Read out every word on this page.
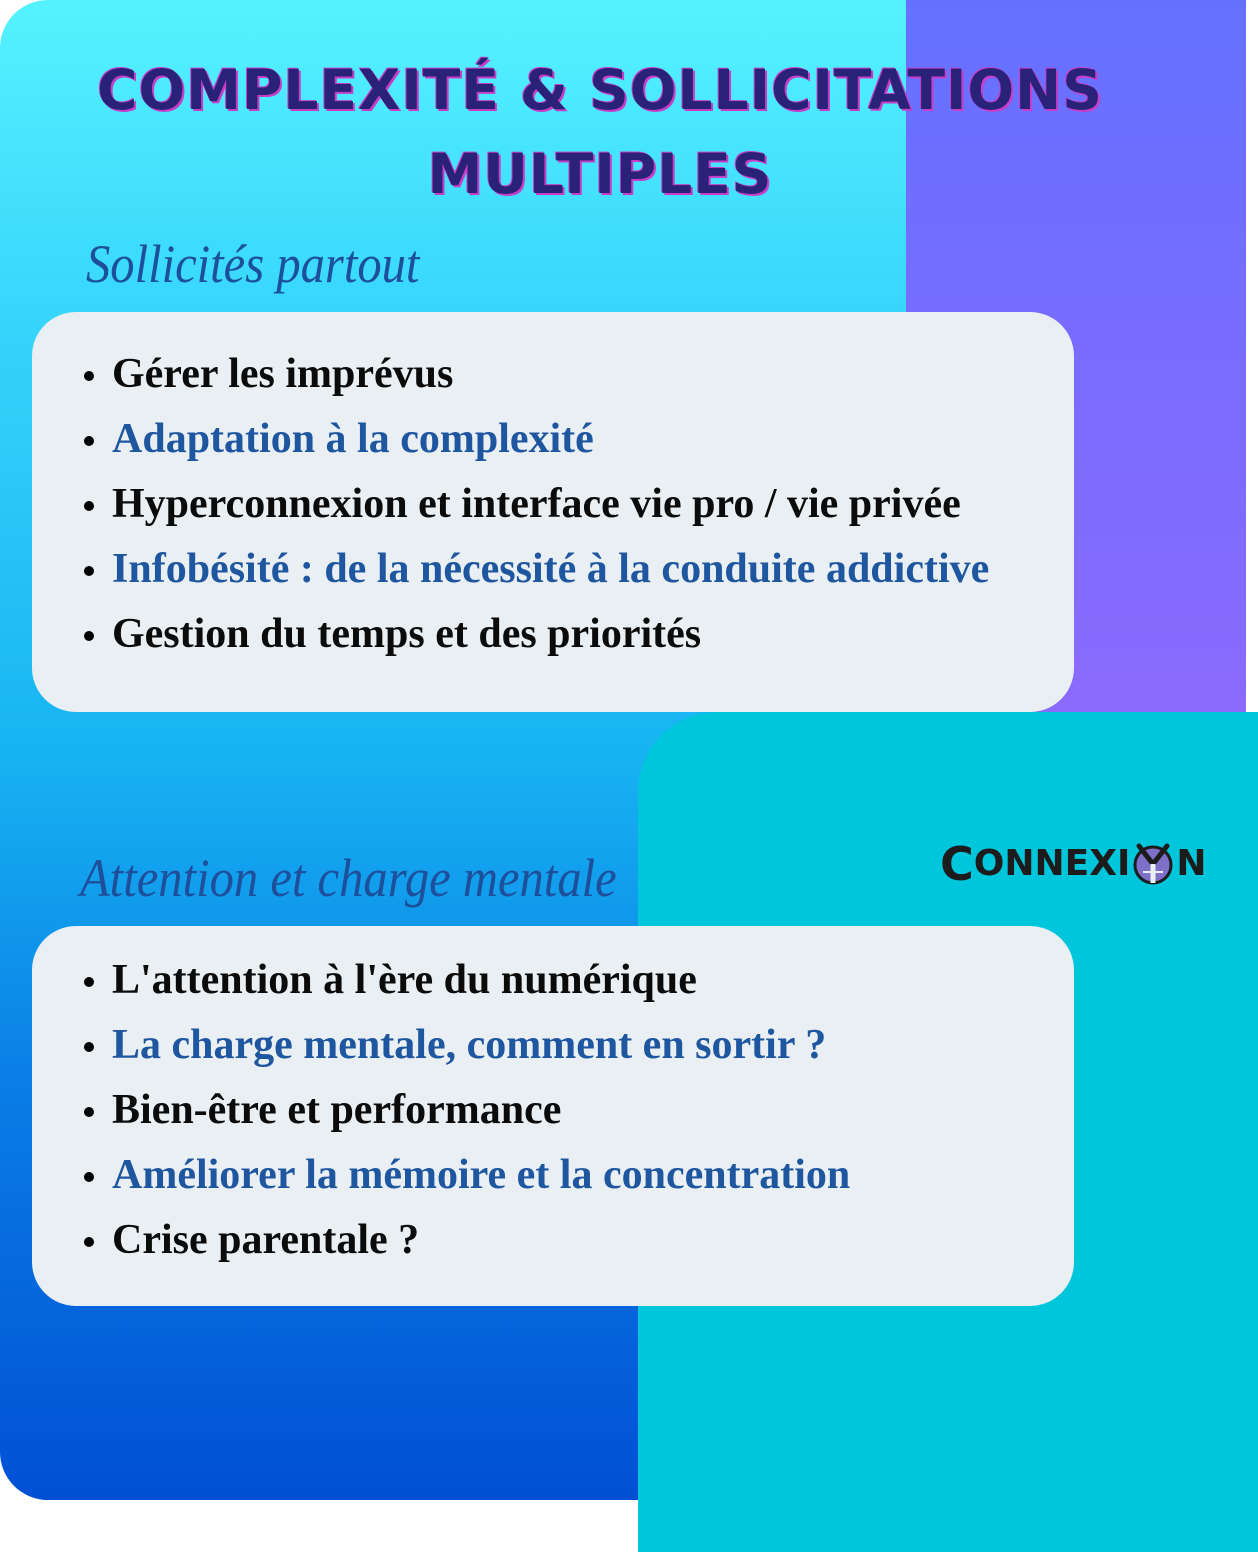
COMPLEXITÉ & SOLLICITATIONS MULTIPLES
Sollicités partout
Gérer les imprévus
Adaptation à la complexité
Hyperconnexion et interface vie pro / vie privée
Infobésité : de la nécessité à la conduite addictive
Gestion du temps et des priorités
Attention et charge mentale	C ONNEXI N
L'attention à l'ère du numérique
La charge mentale, comment en sortir ?
Bien-être et performance
Améliorer la mémoire et la concentration
Crise parentale ?
